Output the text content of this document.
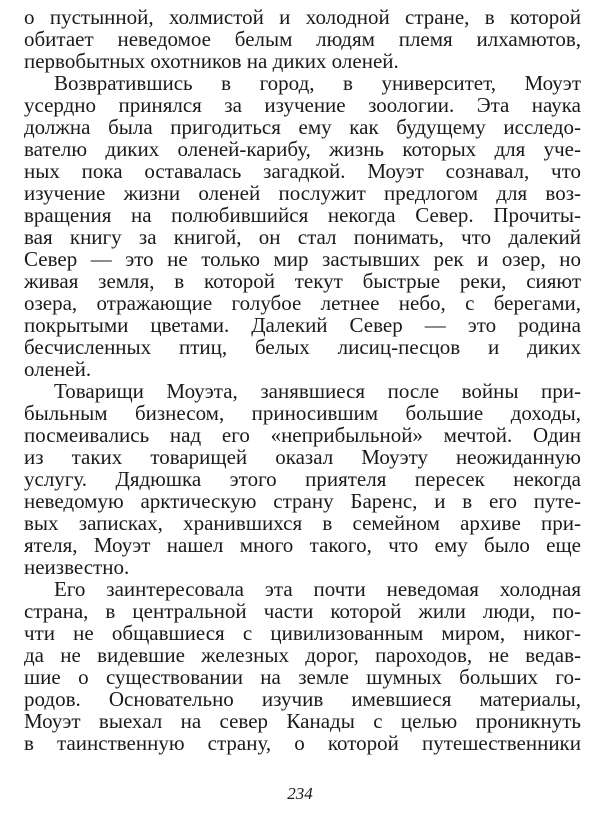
о пустынной, холмистой и холодной стране, в которой
обитает неведомое белым людям племя илхамютов,
первобытных охотников на диких оленей.
Возвратившись в город, в университет, Моуэт
усердно принялся за изучение зоологии. Эта наука
должна была пригодиться ему как будущему исследо-
вателю диких оленей-карибу, жизнь которых для уче-
ных пока оставалась загадкой. Моуэт сознавал, что
изучение жизни оленей послужит предлогом для воз-
вращения на полюбившийся некогда Север. Прочиты-
вая книгу за книгой, он стал понимать, что далекий
Север — это не только мир застывших рек и озер, но
живая земля, в которой текут быстрые реки, сияют
озера, отражающие голубое летнее небо, с берегами,
покрытыми цветами. Далекий Север — это родина
бесчисленных птиц, белых лисиц-песцов и диких
оленей.
Товарищи Моуэта, занявшиеся после войны при-
быльным бизнесом, приносившим большие доходы,
посмеивались над его «неприбыльной» мечтой. Один
из таких товарищей оказал Моуэту неожиданную
услугу. Дядюшка этого приятеля пересек некогда
неведомую арктическую страну Баренс, и в его путе-
вых записках, хранившихся в семейном архиве при-
ятеля, Моуэт нашел много такого, что ему было еще
неизвестно.
Его заинтересовала эта почти неведомая холодная
страна, в центральной части которой жили люди, по-
чти не общавшиеся с цивилизованным миром, никог-
да не видевшие железных дорог, пароходов, не ведав-
шие о существовании на земле шумных больших го-
родов. Основательно изучив имевшиеся материалы,
Моуэт выехал на север Канады с целью проникнуть
в таинственную страну, о которой путешественники
234
